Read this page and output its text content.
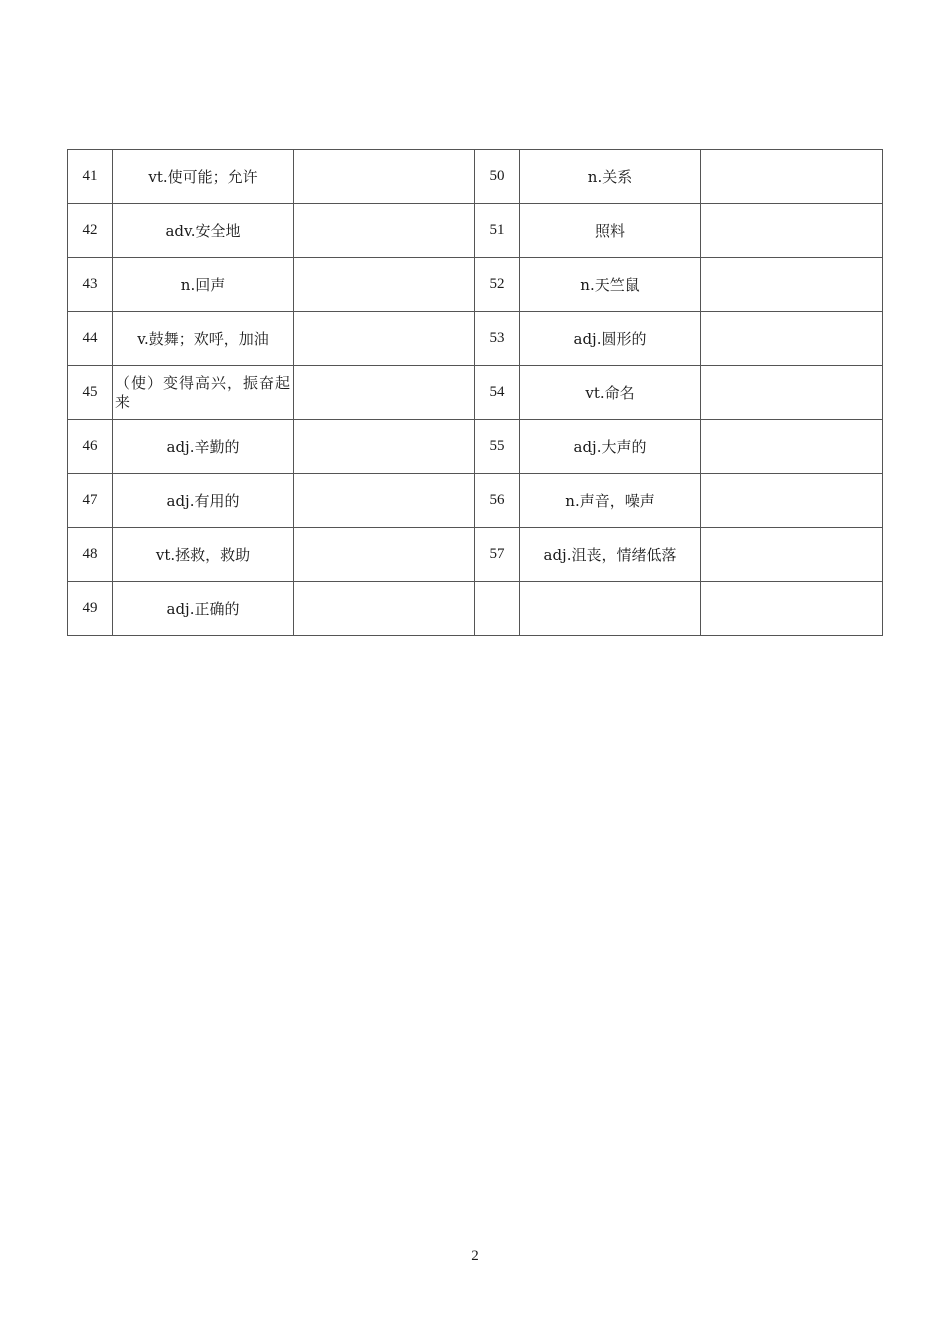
41	vt.使可能；允许		50	n.关系	
42	adv.安全地		51	照料	
43	n.回声		52	n.天竺鼠	
44	v.鼓舞；欢呼，加油		53	adj.圆形的	
45	（使）变得高兴，振奋起来		54	vt.命名	
46	adj.辛勤的		55	adj.大声的	
47	adj.有用的		56	n.声音，噪声	
48	vt.拯救，救助		57	adj.沮丧，情绪低落	
49	adj.正确的				
2
